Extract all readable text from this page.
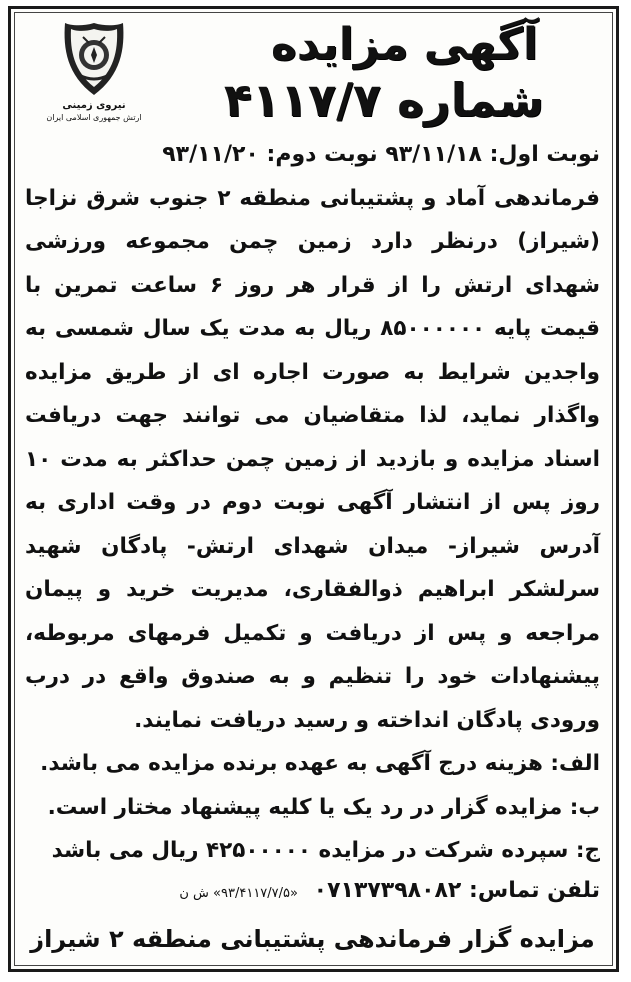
نیروی زمینی
ارتش جمهوری اسلامی ایران
آگهی مزایده
شماره ۴۱۱۷/۷

نوبت اول: ۹۳/۱۱/۱۸ نوبت دوم: ۹۳/۱۱/۲۰

فرماندهی آماد و پشتیبانی منطقه ۲ جنوب شرق نزاجا (شیراز) درنظر دارد زمین چمن مجموعه ورزشی شهدای ارتش را از قرار هر روز ۶ ساعت تمرین با قیمت پایه ۸۵۰۰۰۰۰۰ ریال به مدت یک سال شمسی به واجدین شرایط به صورت اجاره ای از طریق مزایده واگذار نماید، لذا متقاضیان می توانند جهت دریافت اسناد مزایده و بازدید از زمین چمن حداکثر به مدت ۱۰ روز پس از انتشار آگهی نوبت دوم در وقت اداری به آدرس شیراز- میدان شهدای ارتش- پادگان شهید سرلشکر ابراهیم ذوالفقاری، مدیریت خرید و پیمان مراجعه و پس از دریافت و تکمیل فرمهای مربوطه، پیشنهادات خود را تنظیم و به صندوق واقع در درب ورودی پادگان انداخته و رسید دریافت نمایند.

الف: هزینه درج آگهی به عهده برنده مزایده می باشد.

ب: مزایده گزار در رد یک یا کلیه پیشنهاد مختار است.

ج: سپرده شرکت در مزایده ۴۲۵۰۰۰۰۰ ریال می باشد

تلفن تماس: ۰۷۱۳۷۳۹۸۰۸۲ «۹۳/۴۱۱۷/۷/۵» ش ن
مزایده گزار فرماندهی پشتیبانی منطقه ۲ شیراز
